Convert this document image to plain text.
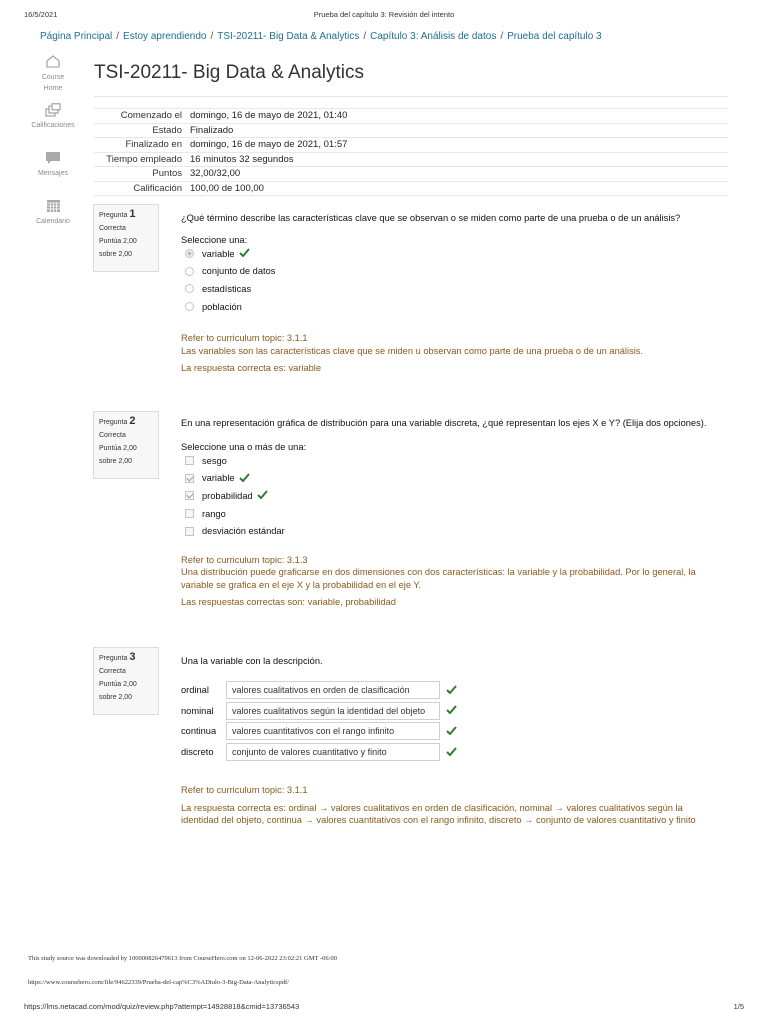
16/5/2021	Prueba del capítulo 3: Revisión del intento
Página Principal / Estoy aprendiendo / TSI-20211- Big Data & Analytics / Capítulo 3: Análisis de datos / Prueba del capítulo 3
Course
Home
Calificaciones
Mensajes
Calendario
TSI-20211- Big Data & Analytics
Comenzado el domingo, 16 de mayo de 2021, 01:40
Estado Finalizado
Finalizado en domingo, 16 de mayo de 2021, 01:57
Tiempo empleado 16 minutos 32 segundos
Puntos 32,00/32,00
Calificación 100,00 de 100,00
Pregunta 1
Correcta
Puntúa 2,00
sobre 2,00
¿Qué término describe las características clave que se observan o se miden como parte de una prueba o de un análisis?
Seleccione una:
variable
conjunto de datos
estadísticas
población
Refer to curriculum topic: 3.1.1
Las variables son las características clave que se miden u observan como parte de una prueba o de un análisis.
La respuesta correcta es: variable
Pregunta 2
Correcta
Puntúa 2,00
sobre 2,00
En una representación gráfica de distribución para una variable discreta, ¿qué representan los ejes X e Y? (Elija dos opciones).
Seleccione una o más de una:
sesgo
variable
probabilidad
rango
desviación estándar
Refer to curriculum topic: 3.1.3
Una distribución puede graficarse en dos dimensiones con dos características: la variable y la probabilidad. Por lo general, la
variable se grafica en el eje X y la probabilidad en el eje Y.
Las respuestas correctas son: variable, probabilidad
Pregunta 3
Correcta
Puntúa 2,00
sobre 2,00
Una la variable con la descripción.
ordinal	valores cualitativos en orden de clasificación
nominal	valores cualitativos según la identidad del objeto
continua	valores cuantitativos con el rango infinito
discreto	conjunto de valores cuantitativo y finito
Refer to curriculum topic: 3.1.1
La respuesta correcta es: ordinal → valores cualitativos en orden de clasificación, nominal → valores cualitativos según la
identidad del objeto, continua → valores cuantitativos con el rango infinito, discreto → conjunto de valores cuantitativo y finito
This study source was downloaded by 100000826479613 from CourseHero.com on 12-06-2022 23:02:21 GMT -06:00
https://www.coursehero.com/file/94622339/Prueba-del-cap%C3%ADtulo-3-Big-Data-Analyticspdf/
https://lms.netacad.com/mod/quiz/review.php?attempt=14928818&cmid=13736543	1/5
